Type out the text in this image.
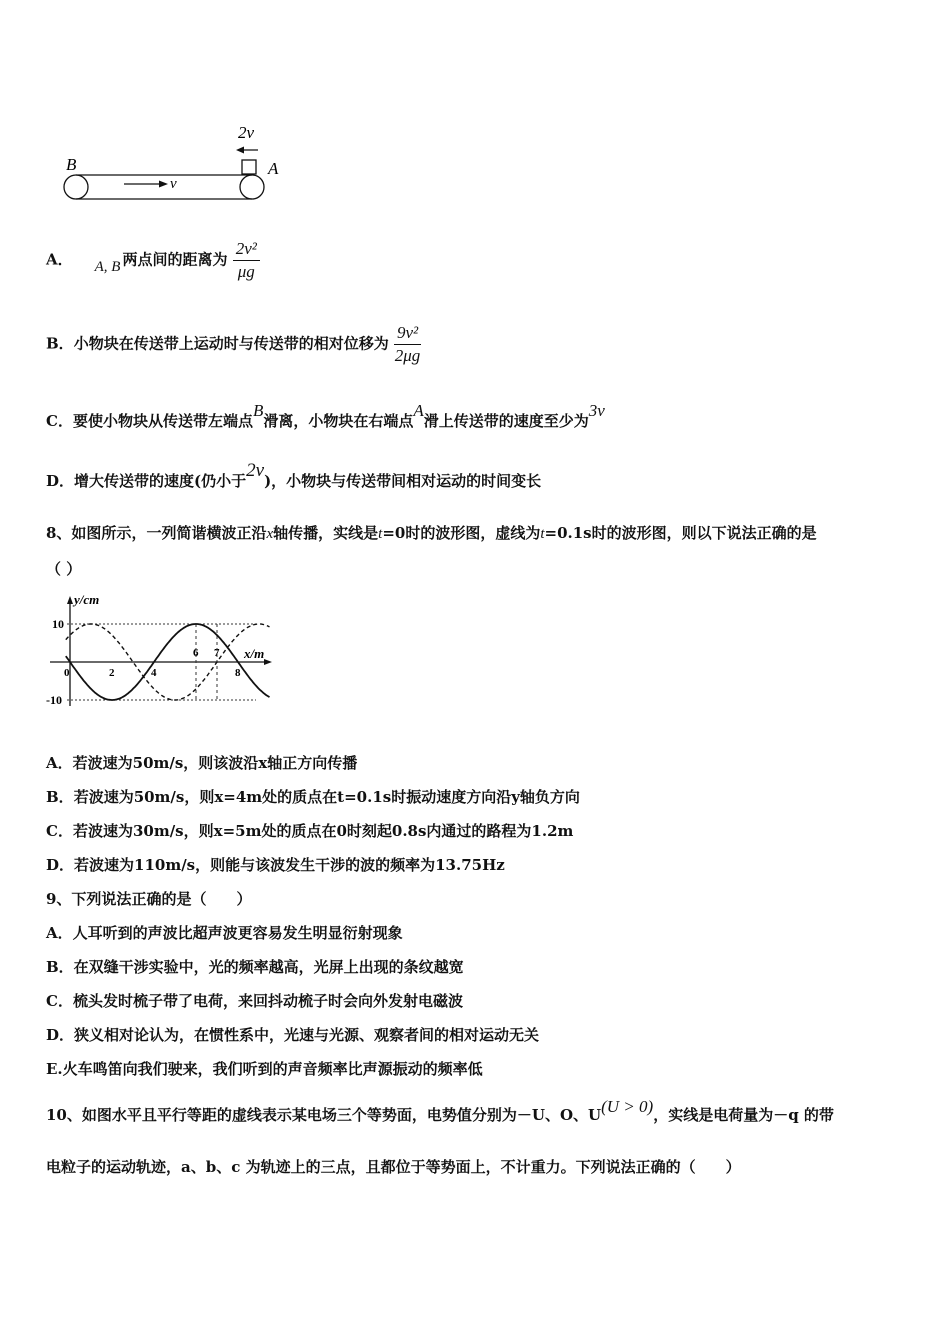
2v
A
B
v
A． A, B 两点间的距离为 $\frac{\text{2v²}}{\mu g}$
B．小物块在传送带上运动时与传送带的相对位移为 $\frac{\text{9v²}}{2\mu g}$
C．要使小物块从传送带左端点B滑离，小物块在右端点A滑上传送带的速度至少为3v
D．增大传送带的速度(仍小于2v)，小物块与传送带间相对运动的时间变长
8、如图所示，一列简谐横波正沿x轴传播，实线是t=0时的波形图，虚线为t=0.1s时的波形图，则以下说法正确的是
（ ）
y/cm
x/m
10
-10
0	2	4
6 7
8
A．若波速为50m/s，则该波沿x轴正方向传播
B．若波速为50m/s，则x=4m处的质点在t=0.1s时振动速度方向沿y轴负方向
C．若波速为30m/s，则x=5m处的质点在0时刻起0.8s内通过的路程为1.2m
D．若波速为110m/s，则能与该波发生干涉的波的频率为13.75Hz
9、下列说法正确的是（　　）
A．人耳听到的声波比超声波更容易发生明显衍射现象
B．在双缝干涉实验中，光的频率越高，光屏上出现的条纹越宽
C．梳头发时梳子带了电荷，来回抖动梳子时会向外发射电磁波
D．狭义相对论认为，在惯性系中，光速与光源、观察者间的相对运动无关
E.火车鸣笛向我们驶来，我们听到的声音频率比声源振动的频率低
10、如图水平且平行等距的虚线表示某电场三个等势面，电势值分别为－U、O、U(U > 0)，实线是电荷量为－q 的带
电粒子的运动轨迹，a、b、c 为轨迹上的三点，且都位于等势面上，不计重力。下列说法正确的（　　）
